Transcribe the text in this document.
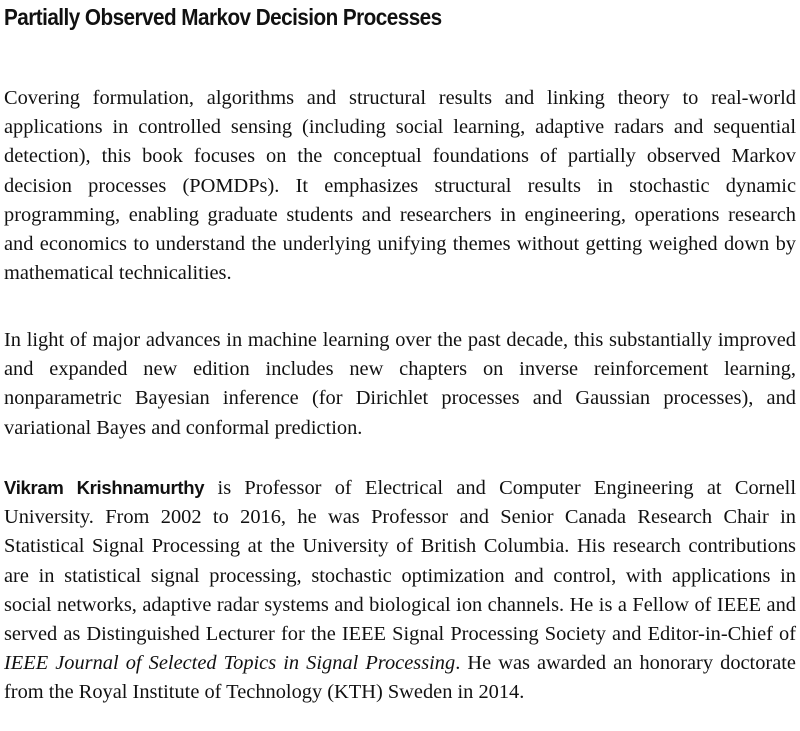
Partially Observed Markov Decision Processes

Covering formulation, algorithms and structural results and linking theory to real-world applications in controlled sensing (including social learning, adaptive radars and sequential detection), this book focuses on the conceptual foundations of partially observed Markov decision processes (POMDPs). It emphasizes structural results in stochastic dynamic programming, enabling graduate students and researchers in engineering, operations research and economics to understand the underlying unifying themes without getting weighed down by mathematical technicalities.

In light of major advances in machine learning over the past decade, this substantially improved and expanded new edition includes new chapters on inverse reinforcement learning, nonparametric Bayesian inference (for Dirichlet processes and Gaussian processes), and variational Bayes and conformal prediction.

Vikram Krishnamurthy is Professor of Electrical and Computer Engineering at Cornell University. From 2002 to 2016, he was Professor and Senior Canada Research Chair in Statistical Signal Processing at the University of British Columbia. His research contributions are in statistical signal processing, stochastic optimization and control, with applications in social networks, adaptive radar systems and biological ion channels. He is a Fellow of IEEE and served as Distinguished Lecturer for the IEEE Signal Processing Society and Editor-in-Chief of IEEE Journal of Selected Topics in Signal Processing. He was awarded an honorary doctorate from the Royal Institute of Technology (KTH) Sweden in 2014.
